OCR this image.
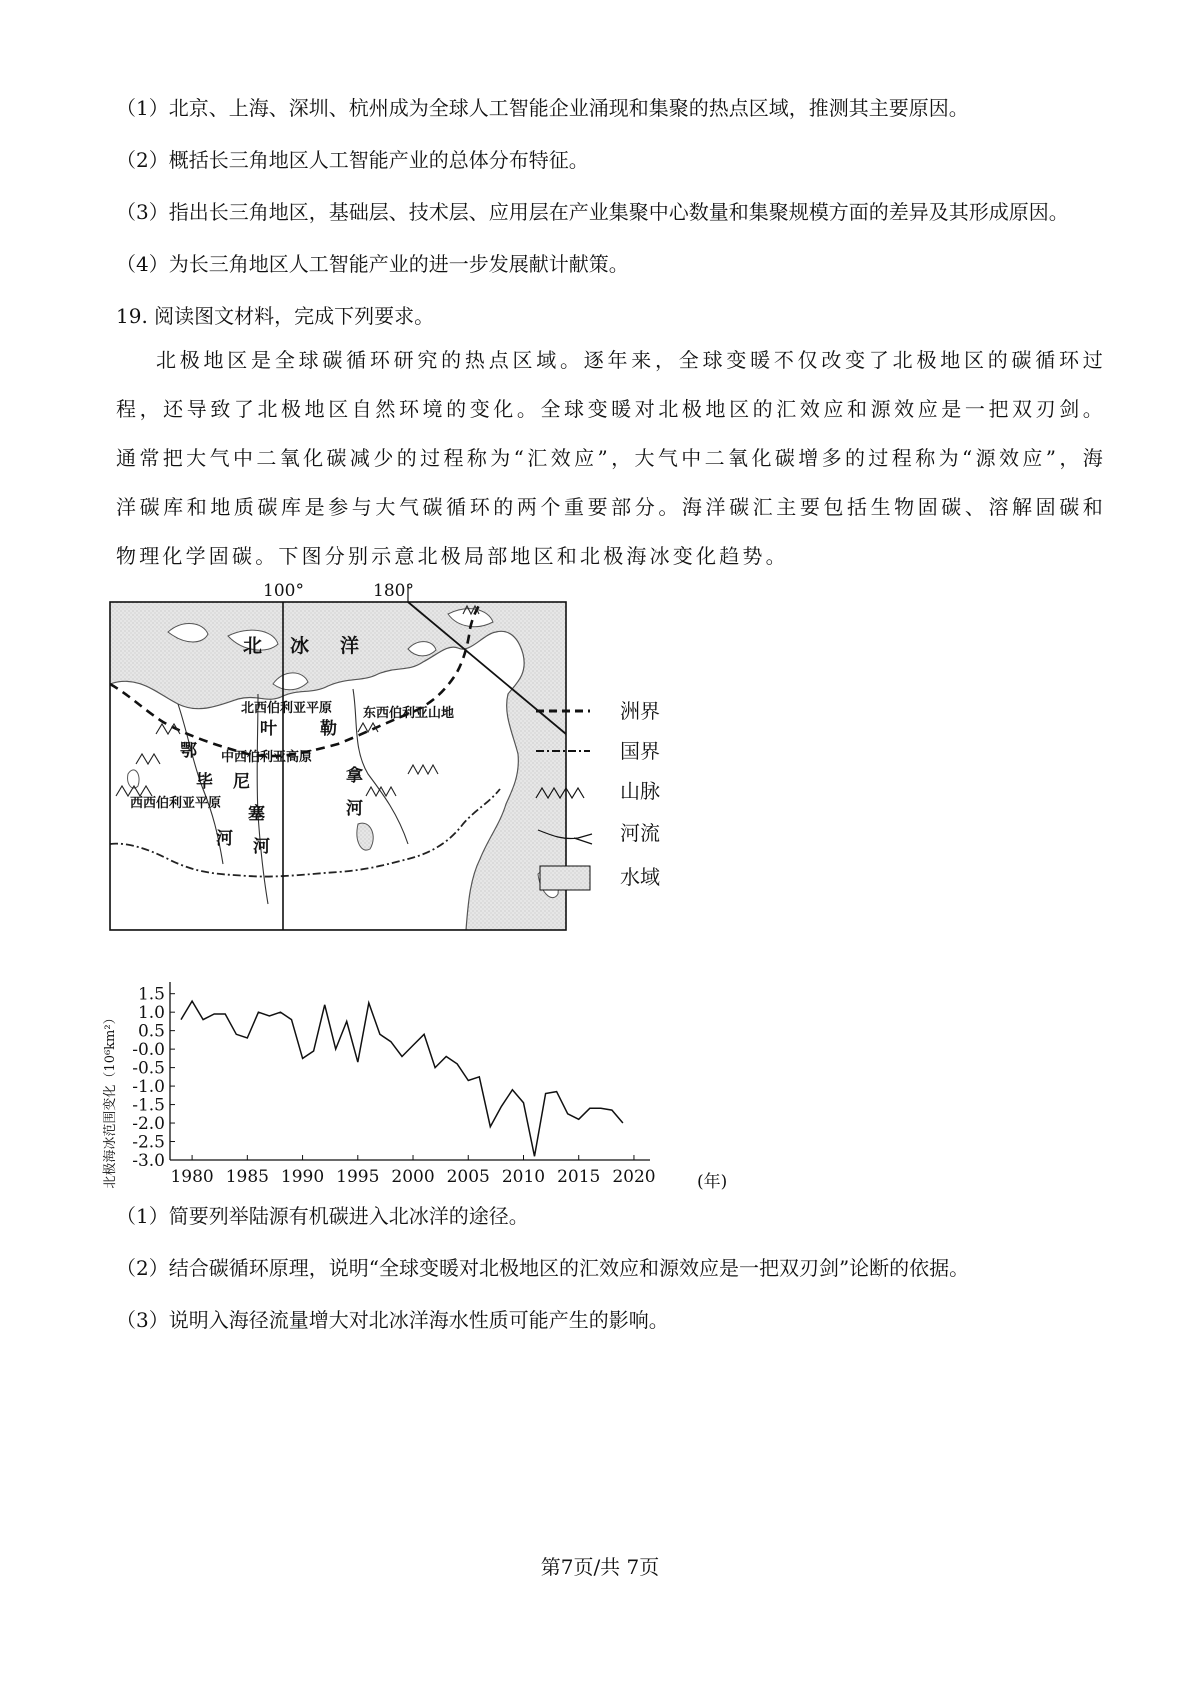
（1）北京、上海、深圳、杭州成为全球人工智能企业涌现和集聚的热点区域，推测其主要原因。
（2）概括长三角地区人工智能产业的总体分布特征。
（3）指出长三角地区，基础层、技术层、应用层在产业集聚中心数量和集聚规模方面的差异及其形成原因。
（4）为长三角地区人工智能产业的进一步发展献计献策。
19. 阅读图文材料，完成下列要求。
北极地区是全球碳循环研究的热点区域。逐年来，全球变暖不仅改变了北极地区的碳循环过程，还导致了北极地区自然环境的变化。全球变暖对北极地区的汇效应和源效应是一把双刃剑。通常把大气中二氧化碳减少的过程称为“汇效应”，大气中二氧化碳增多的过程称为“源效应”，海洋碳库和地质碳库是参与大气碳循环的两个重要部分。海洋碳汇主要包括生物固碳、溶解固碳和物理化学固碳。下图分别示意北极局部地区和北极海冰变化趋势。
100°	180°
北 冰 洋
北西伯利亚平原
叶	勒
东西伯利亚山地
鄂 中西伯利亚高原
毕 尼	拿
西西伯利亚平原
塞
河 河
河
洲界
国界
山脉
河流
水域
1.5
1.0
0.5
-0.0
-0.5
-1.0
-1.5
-2.0
-2.5
-3.0
1980 1985 1990 1995 2000 2005 2010 2015 2020
北极海冰范围变化（10⁶km²）	(年)
（1）简要列举陆源有机碳进入北冰洋的途径。
（2）结合碳循环原理，说明“全球变暖对北极地区的汇效应和源效应是一把双刃剑”论断的依据。
（3）说明入海径流量增大对北冰洋海水性质可能产生的影响。
第7页/共 7页
